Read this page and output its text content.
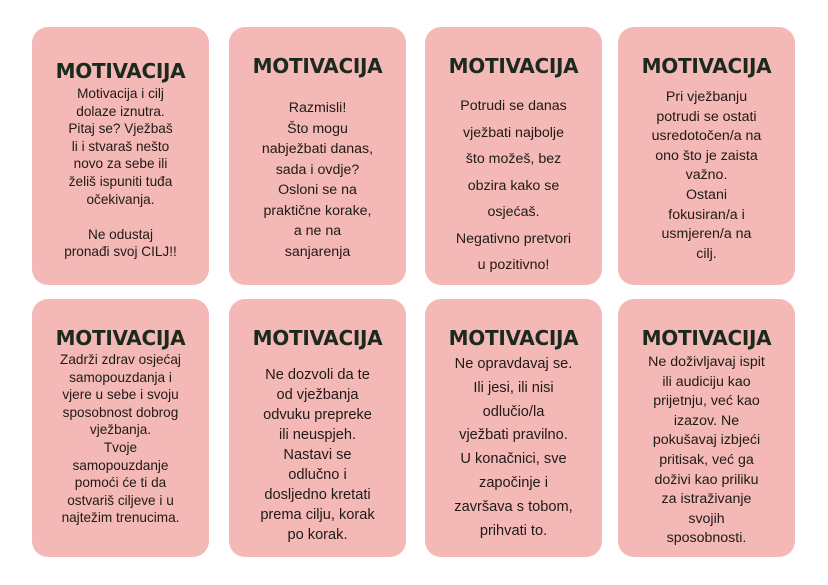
MOTIVACIJA
Motivacija i cilj
dolaze iznutra.
Pitaj se? Vježbaš
li i stvaraš nešto
novo za sebe ili
želiš ispuniti tuđa
očekivanja.

Ne odustaj
pronađi svoj CILJ!!
MOTIVACIJA
Razmisli!
Što mogu
nabježbati danas,
sada i ovdje?
Osloni se na
praktične korake,
a ne na
sanjarenja
MOTIVACIJA
Potrudi se danas
vježbati najbolje
što možeš, bez
obzira kako se
osjećaš.
Negativno pretvori
u pozitivno!
MOTIVACIJA
Pri vježbanju
potrudi se ostati
usredotočen/a na
ono što je zaista
važno.
Ostani
fokusiran/a i
usmjeren/a na
cilj.
MOTIVACIJA
Zadrži zdrav osjećaj
samopouzdanja i
vjere u sebe i svoju
sposobnost dobrog
vježbanja.
Tvoje
samopouzdanje
pomoći će ti da
ostvariš ciljeve i u
najtežim trenucima.
MOTIVACIJA
Ne dozvoli da te
od vježbanja
odvuku prepreke
ili neuspjeh.
Nastavi se
odlučno i
dosljedno kretati
prema cilju, korak
po korak.
MOTIVACIJA
Ne opravdavaj se.
Ili jesi, ili nisi
odlučio/la
vježbati pravilno.
U konačnici, sve
započinje i
završava s tobom,
prihvati to.
MOTIVACIJA
Ne doživljavaj ispit
ili audiciju kao
prijetnju, već kao
izazov. Ne
pokušavaj izbjeći
pritisak, već ga
doživi kao priliku
za istraživanje
svojih
sposobnosti.
